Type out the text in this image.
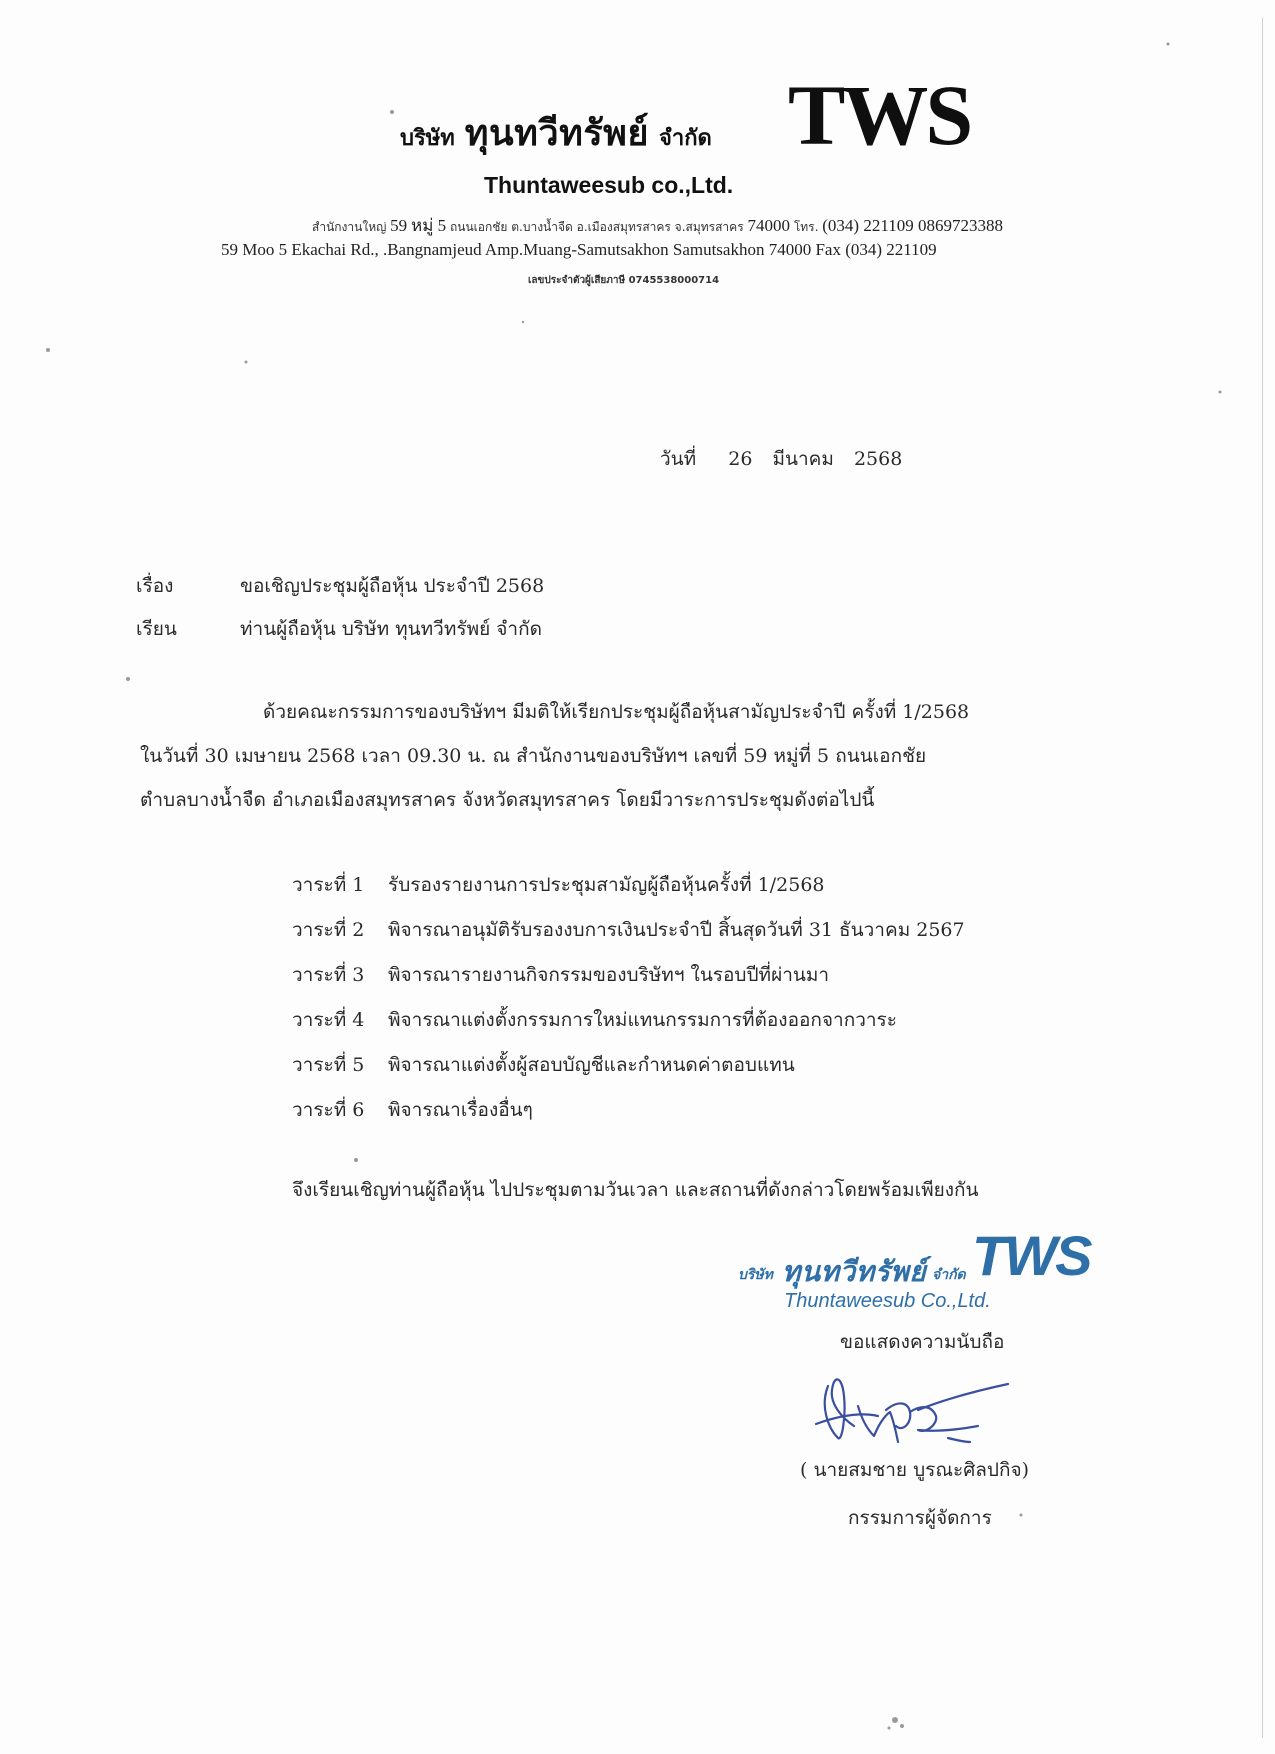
บริษัท ทุนทวีทรัพย์ จำกัด TWS
Thuntaweesub co.,Ltd.
สำนักงานใหญ่ 59 หมู่ 5 ถนนเอกชัย ต.บางน้ำจืด อ.เมืองสมุทรสาคร จ.สมุทรสาคร 74000 โทร. (034) 221109 0869723388
59 Moo 5 Ekachai Rd., .Bangnamjeud Amp.Muang-Samutsakhon Samutsakhon 74000 Fax (034) 221109
เลขประจำตัวผู้เสียภาษี 0745538000714
วันที่ 26 มีนาคม 2568
เรื่อง	ขอเชิญประชุมผู้ถือหุ้น ประจำปี 2568
เรียน	ท่านผู้ถือหุ้น บริษัท ทุนทวีทรัพย์ จำกัด
ด้วยคณะกรรมการของบริษัทฯ มีมติให้เรียกประชุมผู้ถือหุ้นสามัญประจำปี ครั้งที่ 1/2568
ในวันที่ 30 เมษายน 2568 เวลา 09.30 น. ณ สำนักงานของบริษัทฯ เลขที่ 59 หมู่ที่ 5 ถนนเอกชัย
ตำบลบางน้ำจืด อำเภอเมืองสมุทรสาคร จังหวัดสมุทรสาคร โดยมีวาระการประชุมดังต่อไปนี้
วาระที่ 1 รับรองรายงานการประชุมสามัญผู้ถือหุ้นครั้งที่ 1/2568
วาระที่ 2 พิจารณาอนุมัติรับรองงบการเงินประจำปี สิ้นสุดวันที่ 31 ธันวาคม 2567
วาระที่ 3 พิจารณารายงานกิจกรรมของบริษัทฯ ในรอบปีที่ผ่านมา
วาระที่ 4 พิจารณาแต่งตั้งกรรมการใหม่แทนกรรมการที่ต้องออกจากวาระ
วาระที่ 5 พิจารณาแต่งตั้งผู้สอบบัญชีและกำหนดค่าตอบแทน
วาระที่ 6 พิจารณาเรื่องอื่นๆ
จึงเรียนเชิญท่านผู้ถือหุ้น ไปประชุมตามวันเวลา และสถานที่ดังกล่าวโดยพร้อมเพียงกัน
บริษัท ทุนทวีทรัพย์ จำกัด TWS
Thuntaweesub Co.,Ltd.
ขอแสดงความนับถือ
( นายสมชาย บูรณะศิลปกิจ)
กรรมการผู้จัดการ
